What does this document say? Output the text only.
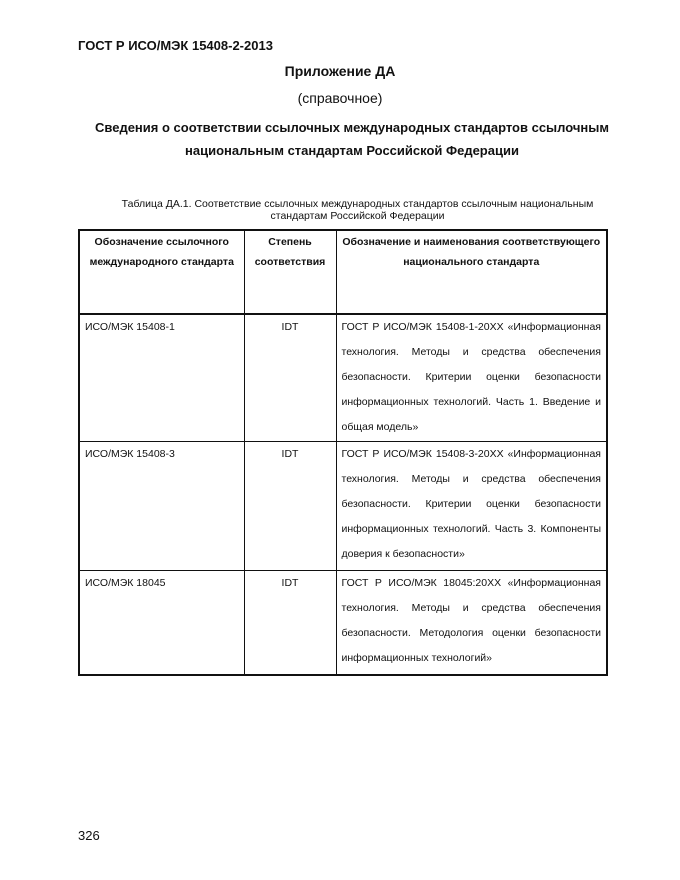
ГОСТ Р ИСО/МЭК 15408-2-2013
Приложение ДА
(справочное)
Сведения о соответствии ссылочных международных стандартов ссылочным национальным стандартам Российской Федерации
Таблица ДА.1. Соответствие ссылочных международных стандартов ссылочным национальным стандартам Российской Федерации
Обозначение ссылочного международного стандарта	Степень соответствия	Обозначение и наименования соответствующего национального стандарта
ИСО/МЭК 15408-1	IDT	ГОСТ Р ИСО/МЭК 15408-1-20XX «Информационная технология. Методы и средства обеспечения безопасности. Критерии оценки безопасности информационных технологий. Часть 1. Введение и общая модель»
ИСО/МЭК 15408-3	IDT	ГОСТ Р ИСО/МЭК 15408-3-20XX «Информационная технология. Методы и средства обеспечения безопасности. Критерии оценки безопасности информационных технологий. Часть 3. Компоненты доверия к безопасности»
ИСО/МЭК 18045	IDT	ГОСТ Р ИСО/МЭК 18045:20XX «Информационная технология. Методы и средства обеспечения безопасности. Методология оценки безопасности информационных технологий»
326
